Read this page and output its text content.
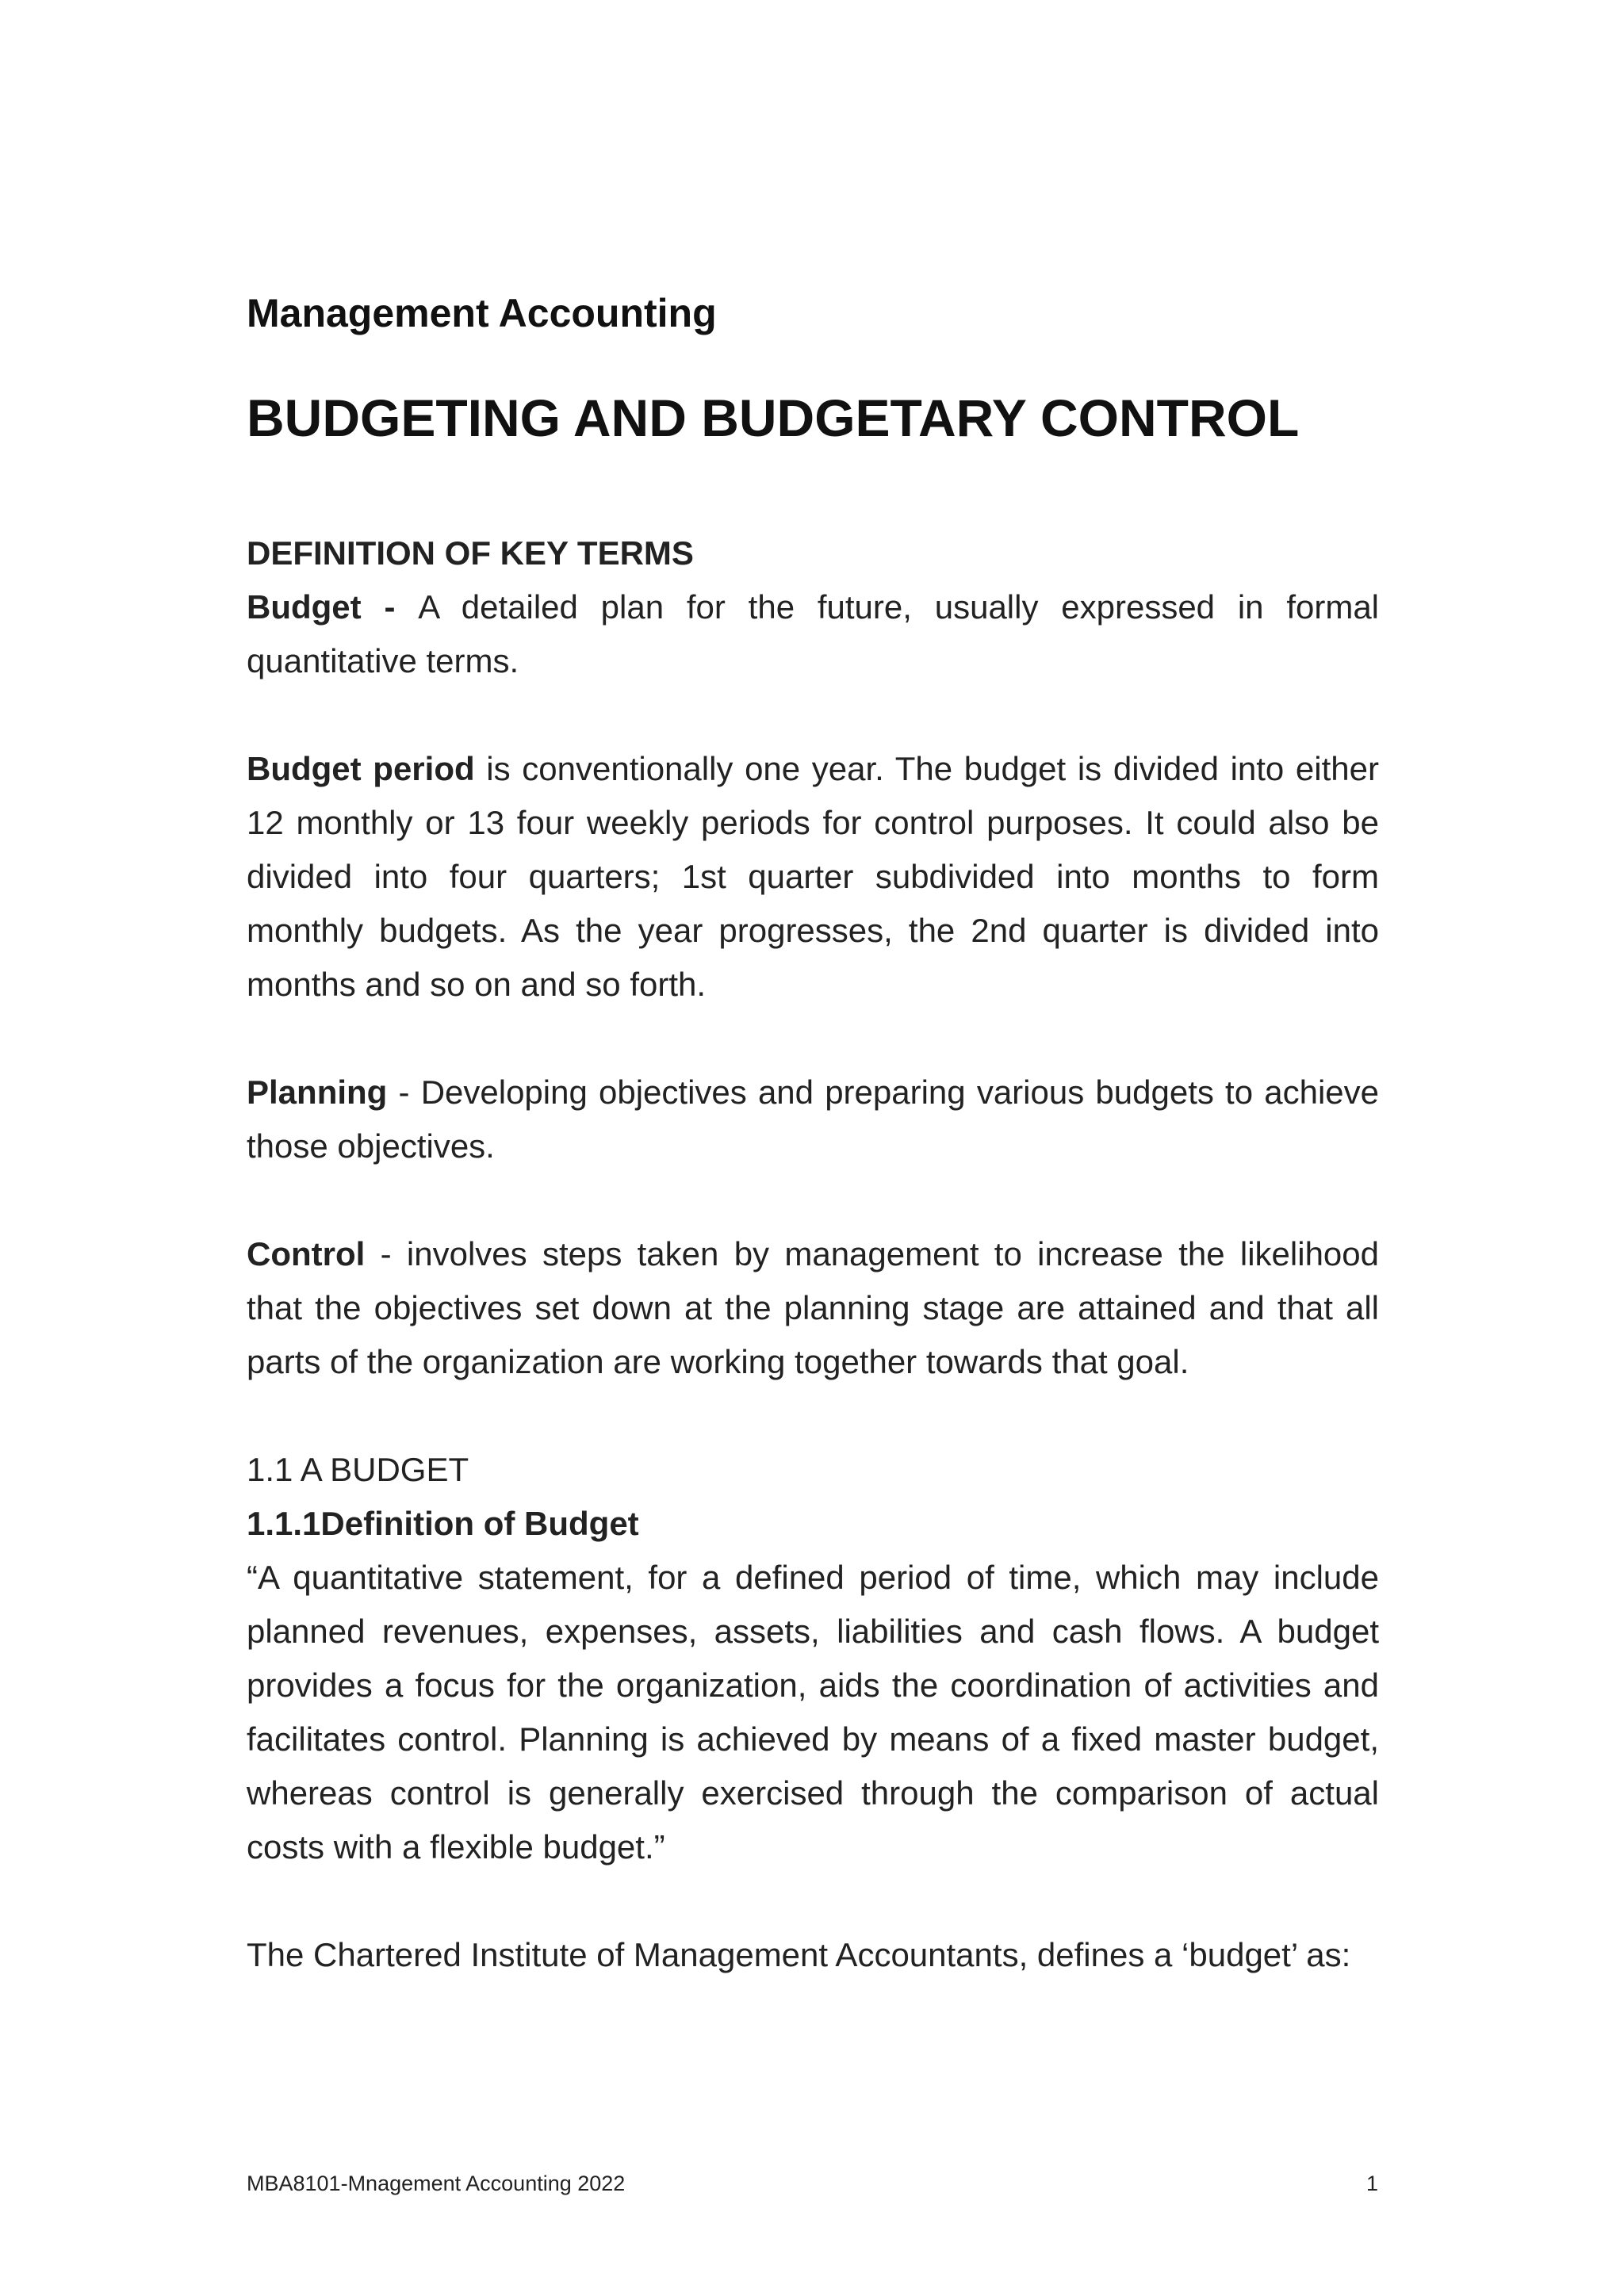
Management Accounting
BUDGETING AND BUDGETARY CONTROL
DEFINITION OF KEY TERMS

Budget - A detailed plan for the future, usually expressed in formal quantitative terms.

Budget period is conventionally one year. The budget is divided into either 12 monthly or 13 four weekly periods for control purposes. It could also be divided into four quarters; 1st quarter subdivided into months to form monthly budgets. As the year progresses, the 2nd quarter is divided into months and so on and so forth.

Planning - Developing objectives and preparing various budgets to achieve those objectives.

Control - involves steps taken by management to increase the likelihood that the objectives set down at the planning stage are attained and that all parts of the organization are working together towards that goal.

1.1 A BUDGET
1.1.1Definition of Budget

“A quantitative statement, for a defined period of time, which may include planned revenues, expenses, assets, liabilities and cash flows. A budget provides a focus for the organization, aids the coordination of activities and facilitates control. Planning is achieved by means of a fixed master budget, whereas control is generally exercised through the comparison of actual costs with a flexible budget.”

The Chartered Institute of Management Accountants, defines a ‘budget’ as:

MBA8101-Mnagement Accounting 2022	1
